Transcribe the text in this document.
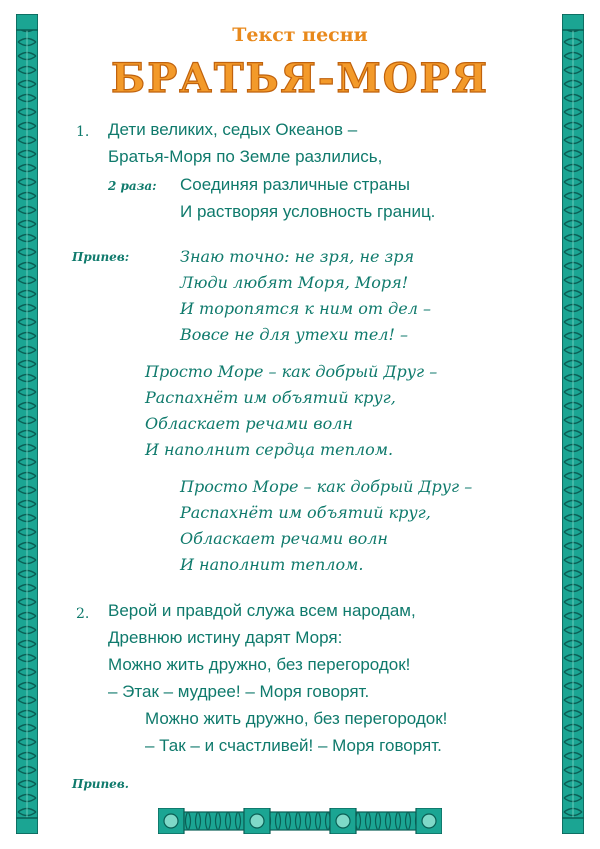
Текст песни
БРАТЬЯ-МОРЯ
1. Дети великих, седых Океанов –
Братья-Моря по Земле разлились,
2 раза: Соединяя различные страны
И растворяя условность границ.
Припев:	Знаю точно: не зря, не зря
Люди любят Моря, Моря!
И торопятся к ним от дел –
Вовсе не для утехи тел! –
Просто Море – как добрый Друг –
Распахнёт им объятий круг,
Обласкает речами волн
И наполнит сердца теплом.
Просто Море – как добрый Друг –
Распахнёт им объятий круг,
Обласкает речами волн
И наполнит теплом.
2. Верой и правдой служа всем народам,
Древнюю истину дарят Моря:
Можно жить дружно, без перегородок!
– Этак – мудрее! – Моря говорят.
Можно жить дружно, без перегородок!
– Так – и счастливей! – Моря говорят.
Припев.
